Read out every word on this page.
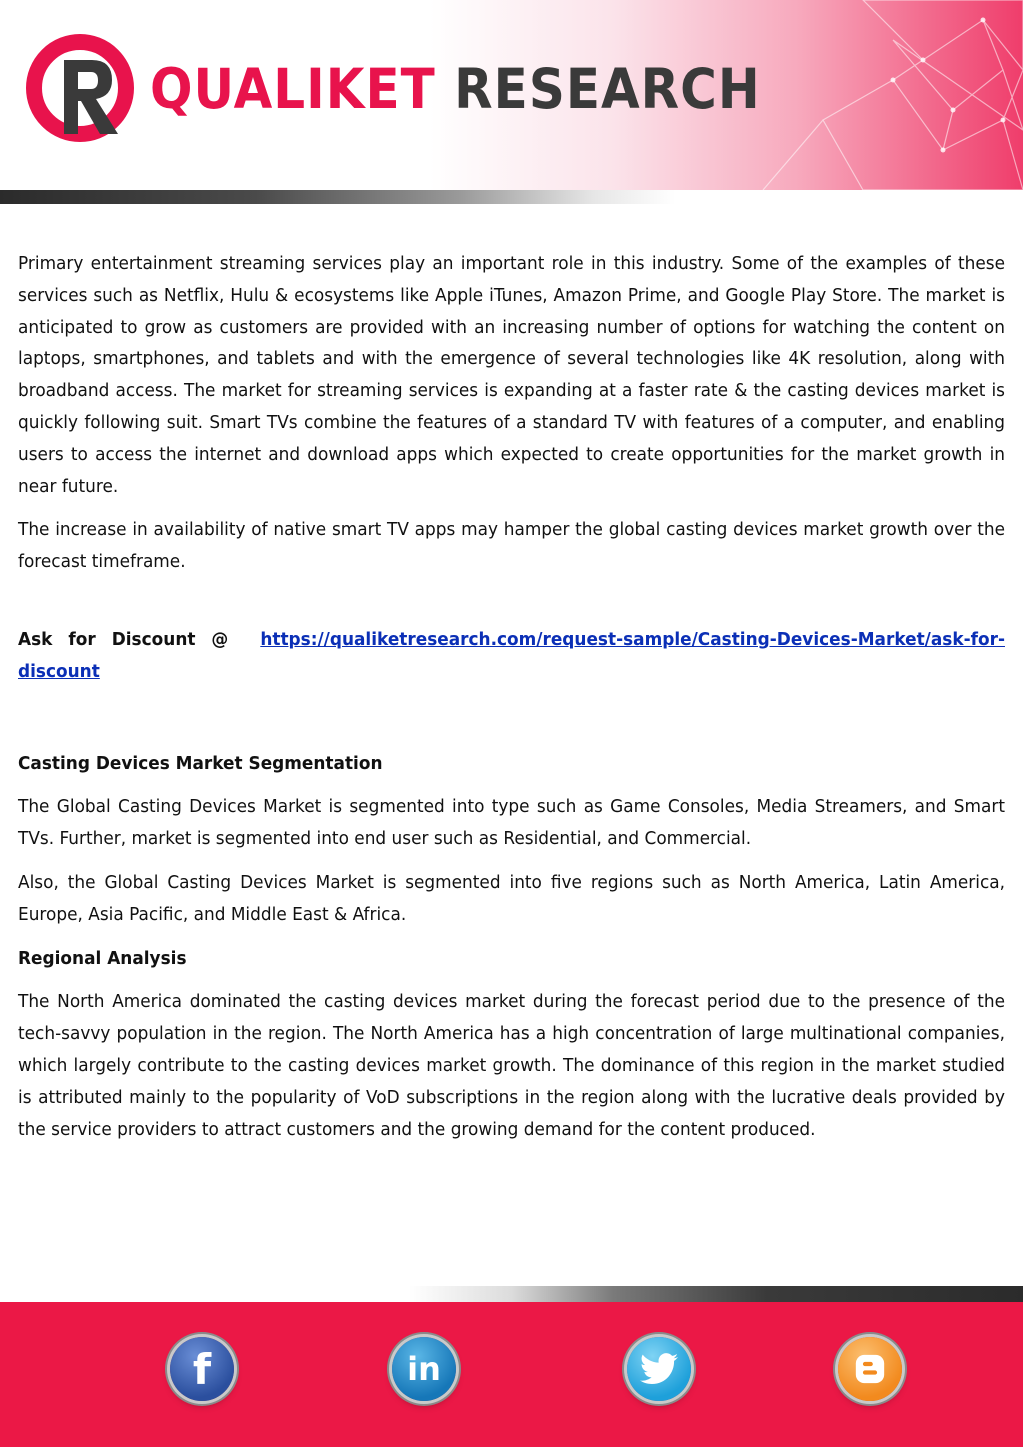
QUALIKET RESEARCH

Primary entertainment streaming services play an important role in this industry. Some of the examples of these services such as Netflix, Hulu & ecosystems like Apple iTunes, Amazon Prime, and Google Play Store. The market is anticipated to grow as customers are provided with an increasing number of options for watching the content on laptops, smartphones, and tablets and with the emergence of several technologies like 4K resolution, along with broadband access. The market for streaming services is expanding at a faster rate & the casting devices market is quickly following suit. Smart TVs combine the features of a standard TV with features of a computer, and enabling users to access the internet and download apps which expected to create opportunities for the market growth in near future.

The increase in availability of native smart TV apps may hamper the global casting devices market growth over the forecast timeframe.

Ask for Discount @ https://qualiketresearch.com/request-sample/Casting-Devices-Market/ask-for-discount

Casting Devices Market Segmentation

The Global Casting Devices Market is segmented into type such as Game Consoles, Media Streamers, and Smart TVs. Further, market is segmented into end user such as Residential, and Commercial.

Also, the Global Casting Devices Market is segmented into five regions such as North America, Latin America, Europe, Asia Pacific, and Middle East & Africa.

Regional Analysis

The North America dominated the casting devices market during the forecast period due to the presence of the tech-savvy population in the region. The North America has a high concentration of large multinational companies, which largely contribute to the casting devices market growth. The dominance of this region in the market studied is attributed mainly to the popularity of VoD subscriptions in the region along with the lucrative deals provided by the service providers to attract customers and the growing demand for the content produced.

f	in
